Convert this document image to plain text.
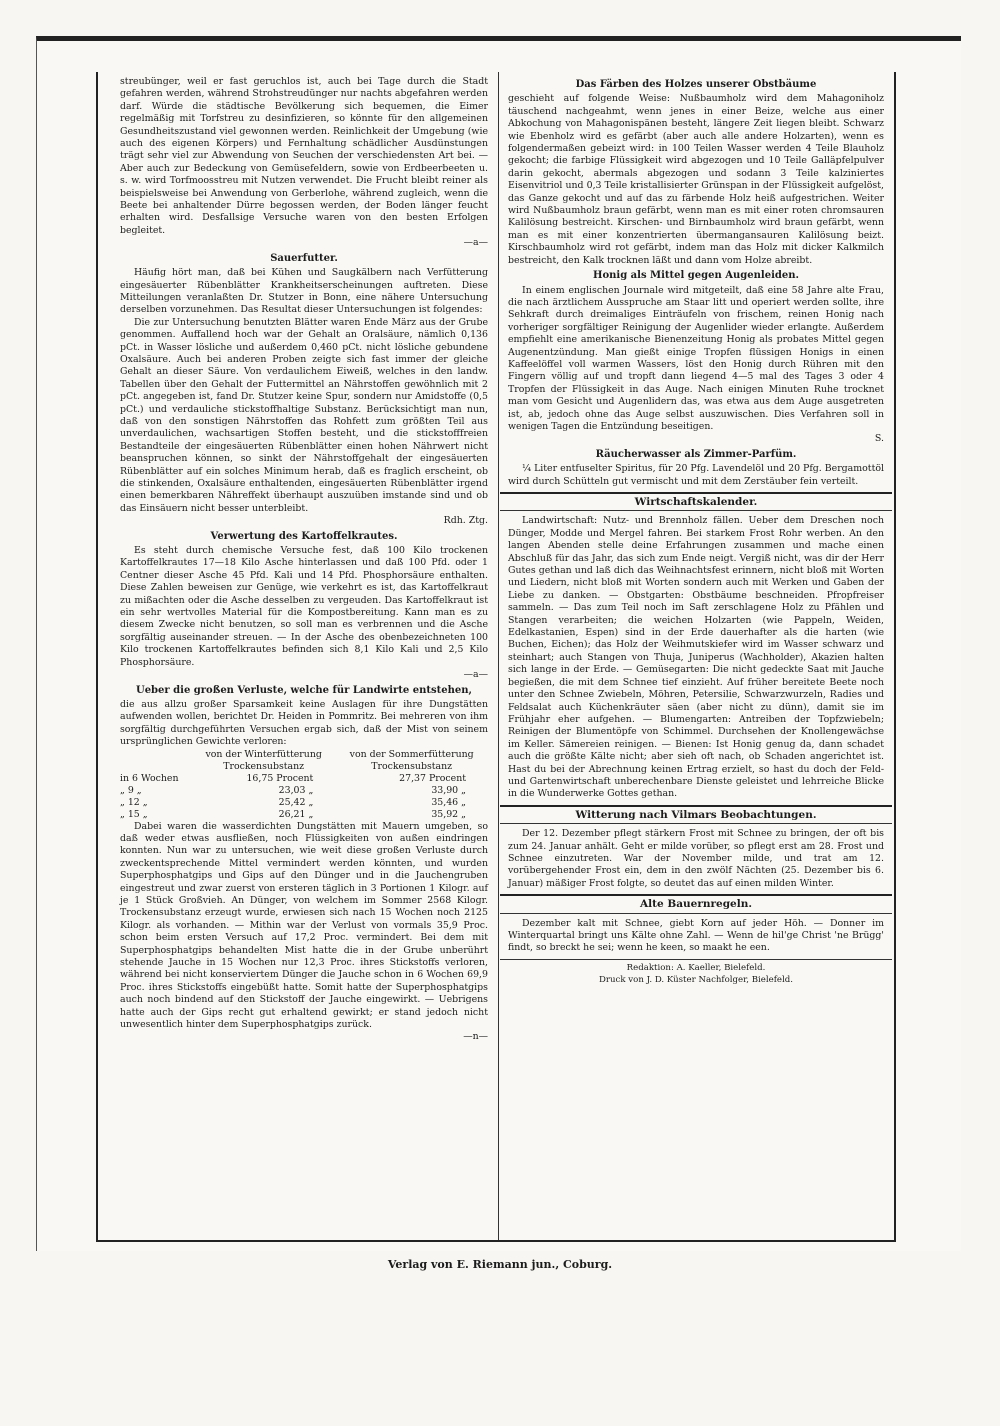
streubünger, weil er fast geruchlos ist, auch bei Tage durch die Stadt gefahren werden, während Strohstreudünger nur nachts abgefahren werden darf. Würde die städtische Bevölkerung sich bequemen, die Eimer regelmäßig mit Torfstreu zu desinfizieren, so könnte für den allgemeinen Gesundheitszustand viel gewonnen werden. Reinlichkeit der Umgebung (wie auch des eigenen Körpers) und Fernhaltung schädlicher Ausdünstungen trägt sehr viel zur Abwendung von Seuchen der verschiedensten Art bei. — Aber auch zur Bedeckung von Gemüsefeldern, sowie von Erdbeerbeeten u. s. w. wird Torfmoosstreu mit Nutzen verwendet. Die Frucht bleibt reiner als beispielsweise bei Anwendung von Gerberlohe, während zugleich, wenn die Beete bei anhaltender Dürre begossen werden, der Boden länger feucht erhalten wird. Desfallsige Versuche waren von den besten Erfolgen begleitet.

—a—
Sauerfutter.

Häufig hört man, daß bei Kühen und Saugkälbern nach Verfütterung eingesäuerter Rübenblätter Krankheitserscheinungen auftreten. Diese Mitteilungen veranlaßten Dr. Stutzer in Bonn, eine nähere Untersuchung derselben vorzunehmen. Das Resultat dieser Untersuchungen ist folgendes:

Die zur Untersuchung benutzten Blätter waren Ende März aus der Grube genommen. Auffallend hoch war der Gehalt an Oralsäure, nämlich 0,136 pCt. in Wasser lösliche und außerdem 0,460 pCt. nicht lösliche gebundene Oxalsäure. Auch bei anderen Proben zeigte sich fast immer der gleiche Gehalt an dieser Säure. Von verdaulichem Eiweiß, welches in den landw. Tabellen über den Gehalt der Futtermittel an Nährstoffen gewöhnlich mit 2 pCt. angegeben ist, fand Dr. Stutzer keine Spur, sondern nur Amidstoffe (0,5 pCt.) und verdauliche stickstoffhaltige Substanz. Berücksichtigt man nun, daß von den sonstigen Nährstoffen das Rohfett zum größten Teil aus unverdaulichen, wachsartigen Stoffen besteht, und die stickstofffreien Bestandteile der eingesäuerten Rübenblätter einen hohen Nährwert nicht beanspruchen können, so sinkt der Nährstoffgehalt der eingesäuerten Rübenblätter auf ein solches Minimum herab, daß es fraglich erscheint, ob die stinkenden, Oxalsäure enthaltenden, eingesäuerten Rübenblätter irgend einen bemerkbaren Nähreffekt überhaupt auszuüben imstande sind und ob das Einsäuern nicht besser unterbleibt.

Rdh. Ztg.
Verwertung des Kartoffelkrautes.

Es steht durch chemische Versuche fest, daß 100 Kilo trockenen Kartoffelkrautes 17—18 Kilo Asche hinterlassen und daß 100 Pfd. oder 1 Centner dieser Asche 45 Pfd. Kali und 14 Pfd. Phosphorsäure enthalten. Diese Zahlen beweisen zur Genüge, wie verkehrt es ist, das Kartoffelkraut zu mißachten oder die Asche desselben zu vergeuden. Das Kartoffelkraut ist ein sehr wertvolles Material für die Kompostbereitung. Kann man es zu diesem Zwecke nicht benutzen, so soll man es verbrennen und die Asche sorgfältig auseinander streuen. — In der Asche des obenbezeichneten 100 Kilo trockenen Kartoffelkrautes befinden sich 8,1 Kilo Kali und 2,5 Kilo Phosphorsäure.

—a—
Ueber die großen Verluste, welche für Landwirte entstehen,

die aus allzu großer Sparsamkeit keine Auslagen für ihre Dungstätten aufwenden wollen, berichtet Dr. Heiden in Pommritz. Bei mehreren von ihm sorgfältig durchgeführten Versuchen ergab sich, daß der Mist von seinem ursprünglichen Gewichte verloren:

	von der Winterfütterung	von der Sommerfütterung
	Trockensubstanz	Trockensubstanz
in 6 Wochen	16,75 Procent	27,37 Procent
„ 9 „	23,03 „	33,90 „
„ 12 „	25,42 „	35,46 „
„ 15 „	26,21 „	35,92 „

Dabei waren die wasserdichten Dungstätten mit Mauern umgeben, so daß weder etwas ausfließen, noch Flüssigkeiten von außen eindringen konnten. Nun war zu untersuchen, wie weit diese großen Verluste durch zweckentsprechende Mittel vermindert werden könnten, und wurden Superphosphatgips und Gips auf den Dünger und in die Jauchengruben eingestreut und zwar zuerst von ersteren täglich in 3 Portionen 1 Kilogr. auf je 1 Stück Großvieh. An Dünger, von welchem im Sommer 2568 Kilogr. Trockensubstanz erzeugt wurde, erwiesen sich nach 15 Wochen noch 2125 Kilogr. als vorhanden. — Mithin war der Verlust von vormals 35,9 Proc. schon beim ersten Versuch auf 17,2 Proc. vermindert. Bei dem mit Superphosphatgips behandelten Mist hatte die in der Grube unberührt stehende Jauche in 15 Wochen nur 12,3 Proc. ihres Stickstoffs verloren, während bei nicht konserviertem Dünger die Jauche schon in 6 Wochen 69,9 Proc. ihres Stickstoffs eingebüßt hatte. Somit hatte der Superphosphatgips auch noch bindend auf den Stickstoff der Jauche eingewirkt. — Uebrigens hatte auch der Gips recht gut erhaltend gewirkt; er stand jedoch nicht unwesentlich hinter dem Superphosphatgips zurück.

—n—
Das Färben des Holzes unserer Obstbäume

geschieht auf folgende Weise: Nußbaumholz wird dem Mahagoniholz täuschend nachgeahmt, wenn jenes in einer Beize, welche aus einer Abkochung von Mahagonispänen besteht, längere Zeit liegen bleibt. Schwarz wie Ebenholz wird es gefärbt (aber auch alle andere Holzarten), wenn es folgendermaßen gebeizt wird: in 100 Teilen Wasser werden 4 Teile Blauholz gekocht; die farbige Flüssigkeit wird abgezogen und 10 Teile Galläpfelpulver darin gekocht, abermals abgezogen und sodann 3 Teile kalziniertes Eisenvitriol und 0,3 Teile kristallisierter Grünspan in der Flüssigkeit aufgelöst, das Ganze gekocht und auf das zu färbende Holz heiß aufgestrichen. Weiter wird Nußbaumholz braun gefärbt, wenn man es mit einer roten chromsauren Kalilösung bestreicht. Kirschen- und Birnbaumholz wird braun gefärbt, wenn man es mit einer konzentrierten übermangansauren Kalilösung beizt. Kirschbaumholz wird rot gefärbt, indem man das Holz mit dicker Kalkmilch bestreicht, den Kalk trocknen läßt und dann vom Holze abreibt.

Honig als Mittel gegen Augenleiden.

In einem englischen Journale wird mitgeteilt, daß eine 58 Jahre alte Frau, die nach ärztlichem Ausspruche am Staar litt und operiert werden sollte, ihre Sehkraft durch dreimaliges Einträufeln von frischem, reinen Honig nach vorheriger sorgfältiger Reinigung der Augenlider wieder erlangte. Außerdem empfiehlt eine amerikanische Bienenzeitung Honig als probates Mittel gegen Augenentzündung. Man gießt einige Tropfen flüssigen Honigs in einen Kaffeelöffel voll warmen Wassers, löst den Honig durch Rühren mit den Fingern völlig auf und tropft dann liegend 4—5 mal des Tages 3 oder 4 Tropfen der Flüssigkeit in das Auge. Nach einigen Minuten Ruhe trocknet man vom Gesicht und Augenlidern das, was etwa aus dem Auge ausgetreten ist, ab, jedoch ohne das Auge selbst auszuwischen. Dies Verfahren soll in wenigen Tagen die Entzündung beseitigen.

S.
Räucherwasser als Zimmer-Parfüm.

¼ Liter entfuselter Spiritus, für 20 Pfg. Lavendelöl und 20 Pfg. Bergamottöl wird durch Schütteln gut vermischt und mit dem Zerstäuber fein verteilt.

Wirtschaftskalender.

Landwirtschaft: Nutz- und Brennholz fällen. Ueber dem Dreschen noch Dünger, Modde und Mergel fahren. Bei starkem Frost Rohr werben. An den langen Abenden stelle deine Erfahrungen zusammen und mache einen Abschluß für das Jahr, das sich zum Ende neigt. Vergiß nicht, was dir der Herr Gutes gethan und laß dich das Weihnachtsfest erinnern, nicht bloß mit Worten und Liedern, nicht bloß mit Worten sondern auch mit Werken und Gaben der Liebe zu danken. — Obstgarten: Obstbäume beschneiden. Pfropfreiser sammeln. — Das zum Teil noch im Saft zerschlagene Holz zu Pfählen und Stangen verarbeiten; die weichen Holzarten (wie Pappeln, Weiden, Edelkastanien, Espen) sind in der Erde dauerhafter als die harten (wie Buchen, Eichen); das Holz der Weihmutskiefer wird im Wasser schwarz und steinhart; auch Stangen von Thuja, Juniperus (Wachholder), Akazien halten sich lange in der Erde. — Gemüsegarten: Die nicht gedeckte Saat mit Jauche begießen, die mit dem Schnee tief einzieht. Auf früher bereitete Beete noch unter den Schnee Zwiebeln, Möhren, Petersilie, Schwarzwurzeln, Radies und Feldsalat auch Küchenkräuter säen (aber nicht zu dünn), damit sie im Frühjahr eher aufgehen. — Blumengarten: Antreiben der Topfzwiebeln; Reinigen der Blumentöpfe von Schimmel. Durchsehen der Knollengewächse im Keller. Sämereien reinigen. — Bienen: Ist Honig genug da, dann schadet auch die größte Kälte nicht; aber sieh oft nach, ob Schaden angerichtet ist. Hast du bei der Abrechnung keinen Ertrag erzielt, so hast du doch der Feld- und Gartenwirtschaft unberechenbare Dienste geleistet und lehrreiche Blicke in die Wunderwerke Gottes gethan.

Witterung nach Vilmars Beobachtungen.

Der 12. Dezember pflegt stärkern Frost mit Schnee zu bringen, der oft bis zum 24. Januar anhält. Geht er milde vorüber, so pflegt erst am 28. Frost und Schnee einzutreten. War der November milde, und trat am 12. vorübergehender Frost ein, dem in den zwölf Nächten (25. Dezember bis 6. Januar) mäßiger Frost folgte, so deutet das auf einen milden Winter.

Alte Bauernregeln.

Dezember kalt mit Schnee, giebt Korn auf jeder Höh. — Donner im Winterquartal bringt uns Kälte ohne Zahl. — Wenn de hil'ge Christ 'ne Brügg' findt, so breckt he sei; wenn he keen, so maakt he een.

Redaktion: A. Kaeller, Bielefeld.
Druck von J. D. Küster Nachfolger, Bielefeld.
Verlag von E. Riemann jun., Coburg.
